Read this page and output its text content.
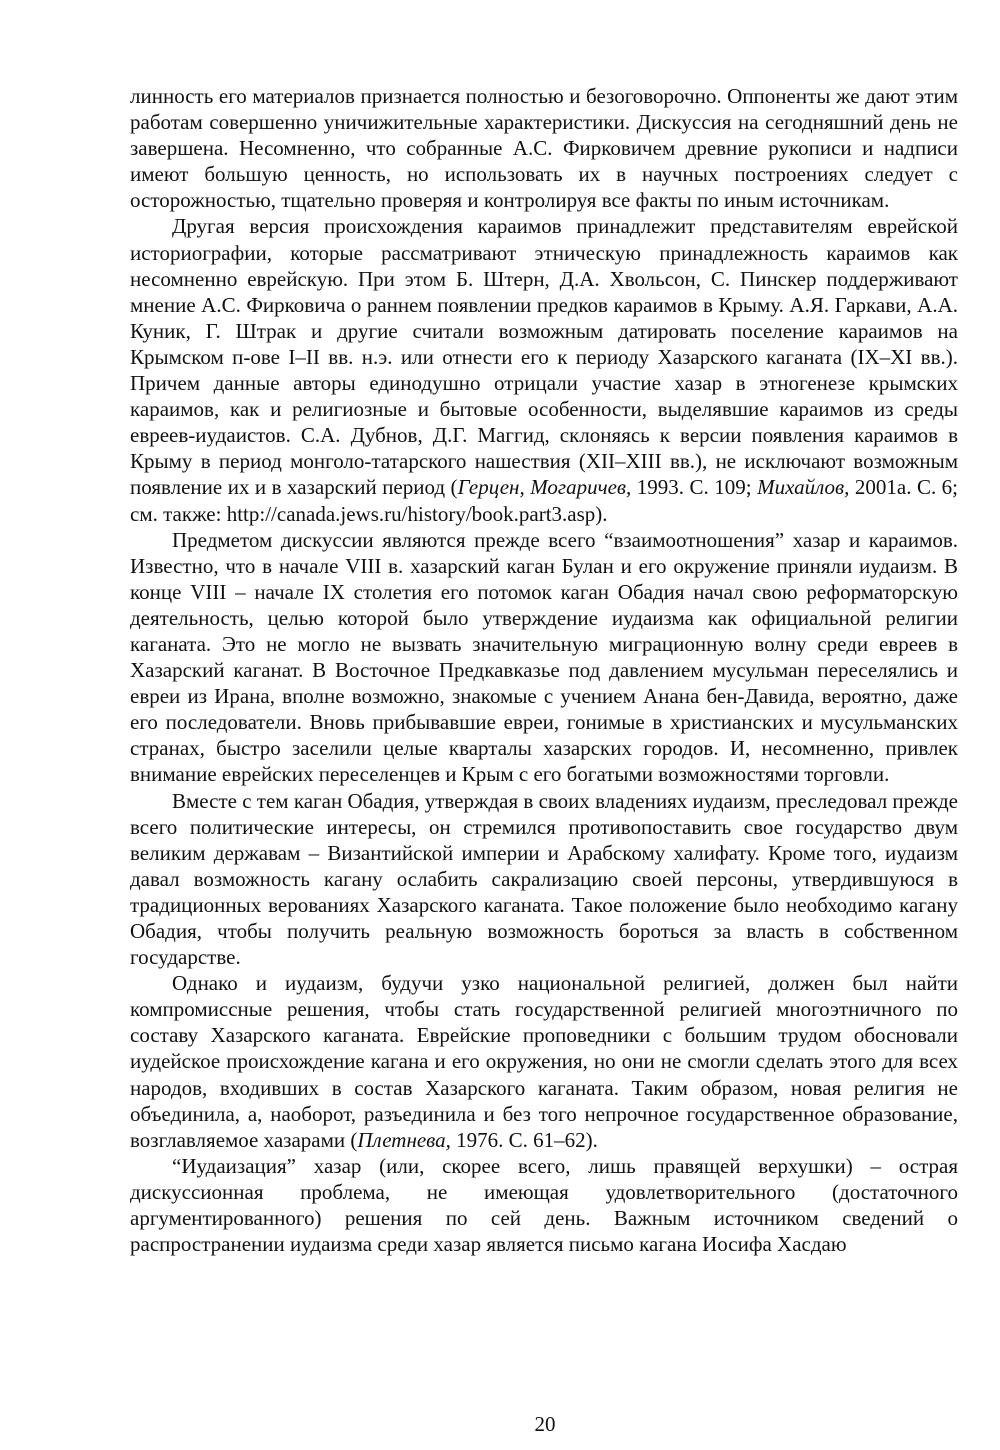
линность его материалов признается полностью и безоговорочно. Оппоненты же дают этим работам совершенно уничижительные характеристики. Дискуссия на сегодняшний день не завершена. Несомненно, что собранные А.С. Фирковичем древние рукописи и надписи имеют большую ценность, но использовать их в научных построениях следует с осторожностью, тщательно проверяя и контролируя все факты по иным источникам.

Другая версия происхождения караимов принадлежит представителям еврейской историографии, которые рассматривают этническую принадлежность караимов как несомненно еврейскую. При этом Б. Штерн, Д.А. Хвольсон, С. Пинскер поддерживают мнение А.С. Фирковича о раннем появлении предков караимов в Крыму. А.Я. Гаркави, А.А. Куник, Г. Штрак и другие считали возможным датировать поселение караимов на Крымском п-ове I–II вв. н.э. или отнести его к периоду Хазарского каганата (IX–XI вв.). Причем данные авторы единодушно отрицали участие хазар в этногенезе крымских караимов, как и религиозные и бытовые особенности, выделявшие караимов из среды евреев-иудаистов. С.А. Дубнов, Д.Г. Маггид, склоняясь к версии появления караимов в Крыму в период монголо-татарского нашествия (XII–XIII вв.), не исключают возможным появление их и в хазарский период (Герцен, Могаричев, 1993. С. 109; Михайлов, 2001а. С. 6; см. также: http://canada.jews.ru/history/book.part3.asp).

Предметом дискуссии являются прежде всего “взаимоотношения” хазар и караимов. Известно, что в начале VIII в. хазарский каган Булан и его окружение приняли иудаизм. В конце VIII – начале IX столетия его потомок каган Обадия начал свою реформаторскую деятельность, целью которой было утверждение иудаизма как официальной религии каганата. Это не могло не вызвать значительную миграционную волну среди евреев в Хазарский каганат. В Восточное Предкавказье под давлением мусульман переселялись и евреи из Ирана, вполне возможно, знакомые с учением Анана бен-Давида, вероятно, даже его последователи. Вновь прибывавшие евреи, гонимые в христианских и мусульманских странах, быстро заселили целые кварталы хазарских городов. И, несомненно, привлек внимание еврейских переселенцев и Крым с его богатыми возможностями торговли.

Вместе с тем каган Обадия, утверждая в своих владениях иудаизм, преследовал прежде всего политические интересы, он стремился противопоставить свое государство двум великим державам – Византийской империи и Арабскому халифату. Кроме того, иудаизм давал возможность кагану ослабить сакрализацию своей персоны, утвердившуюся в традиционных верованиях Хазарского каганата. Такое положение было необходимо кагану Обадия, чтобы получить реальную возможность бороться за власть в собственном государстве.

Однако и иудаизм, будучи узко национальной религией, должен был найти компромиссные решения, чтобы стать государственной религией многоэтничного по составу Хазарского каганата. Еврейские проповедники с большим трудом обосновали иудейское происхождение кагана и его окружения, но они не смогли сделать этого для всех народов, входивших в состав Хазарского каганата. Таким образом, новая религия не объединила, а, наоборот, разъединила и без того непрочное государственное образование, возглавляемое хазарами (Плетнева, 1976. С. 61–62).

“Иудаизация” хазар (или, скорее всего, лишь правящей верхушки) – острая дискуссионная проблема, не имеющая удовлетворительного (достаточного аргументированного) решения по сей день. Важным источником сведений о распространении иудаизма среди хазар является письмо кагана Иосифа Хасдаю

20
